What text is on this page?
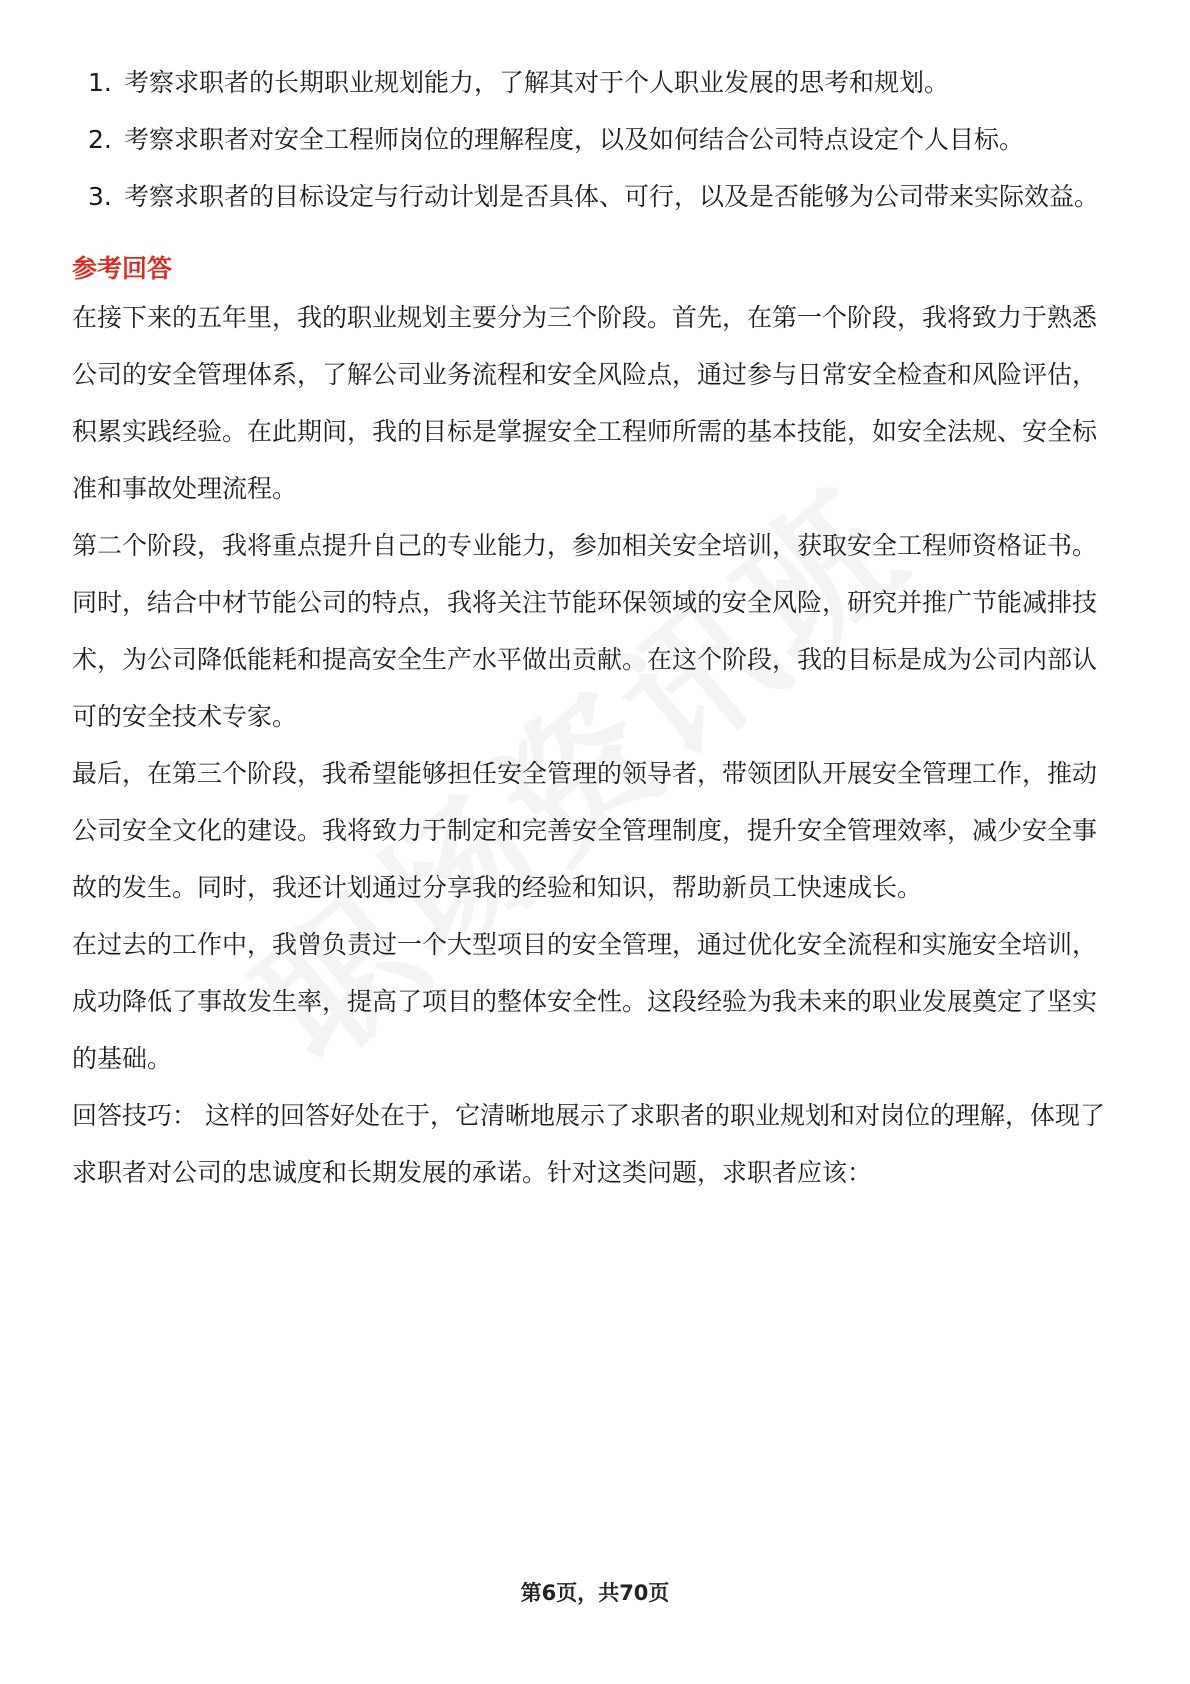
1. 考察求职者的长期职业规划能力，了解其对于个人职业发展的思考和规划。
2. 考察求职者对安全工程师岗位的理解程度，以及如何结合公司特点设定个人目标。
3. 考察求职者的目标设定与行动计划是否具体、可行，以及是否能够为公司带来实际效益。
参考回答

在接下来的五年里，我的职业规划主要分为三个阶段。首先，在第一个阶段，我将致力于熟悉公司的安全管理体系，了解公司业务流程和安全风险点，通过参与日常安全检查和风险评估，积累实践经验。在此期间，我的目标是掌握安全工程师所需的基本技能，如安全法规、安全标准和事故处理流程。

第二个阶段，我将重点提升自己的专业能力，参加相关安全培训，获取安全工程师资格证书。同时，结合中材节能公司的特点，我将关注节能环保领域的安全风险，研究并推广节能减排技术，为公司降低能耗和提高安全生产水平做出贡献。在这个阶段，我的目标是成为公司内部认可的安全技术专家。

最后，在第三个阶段，我希望能够担任安全管理的领导者，带领团队开展安全管理工作，推动公司安全文化的建设。我将致力于制定和完善安全管理制度，提升安全管理效率，减少安全事故的发生。同时，我还计划通过分享我的经验和知识，帮助新员工快速成长。

在过去的工作中，我曾负责过一个大型项目的安全管理，通过优化安全流程和实施安全培训，成功降低了事故发生率，提高了项目的整体安全性。这段经验为我未来的职业发展奠定了坚实的基础。

回答技巧： 这样的回答好处在于，它清晰地展示了求职者的职业规划和对岗位的理解，体现了求职者对公司的忠诚度和长期发展的承诺。针对这类问题，求职者应该：

第6页，共70页
